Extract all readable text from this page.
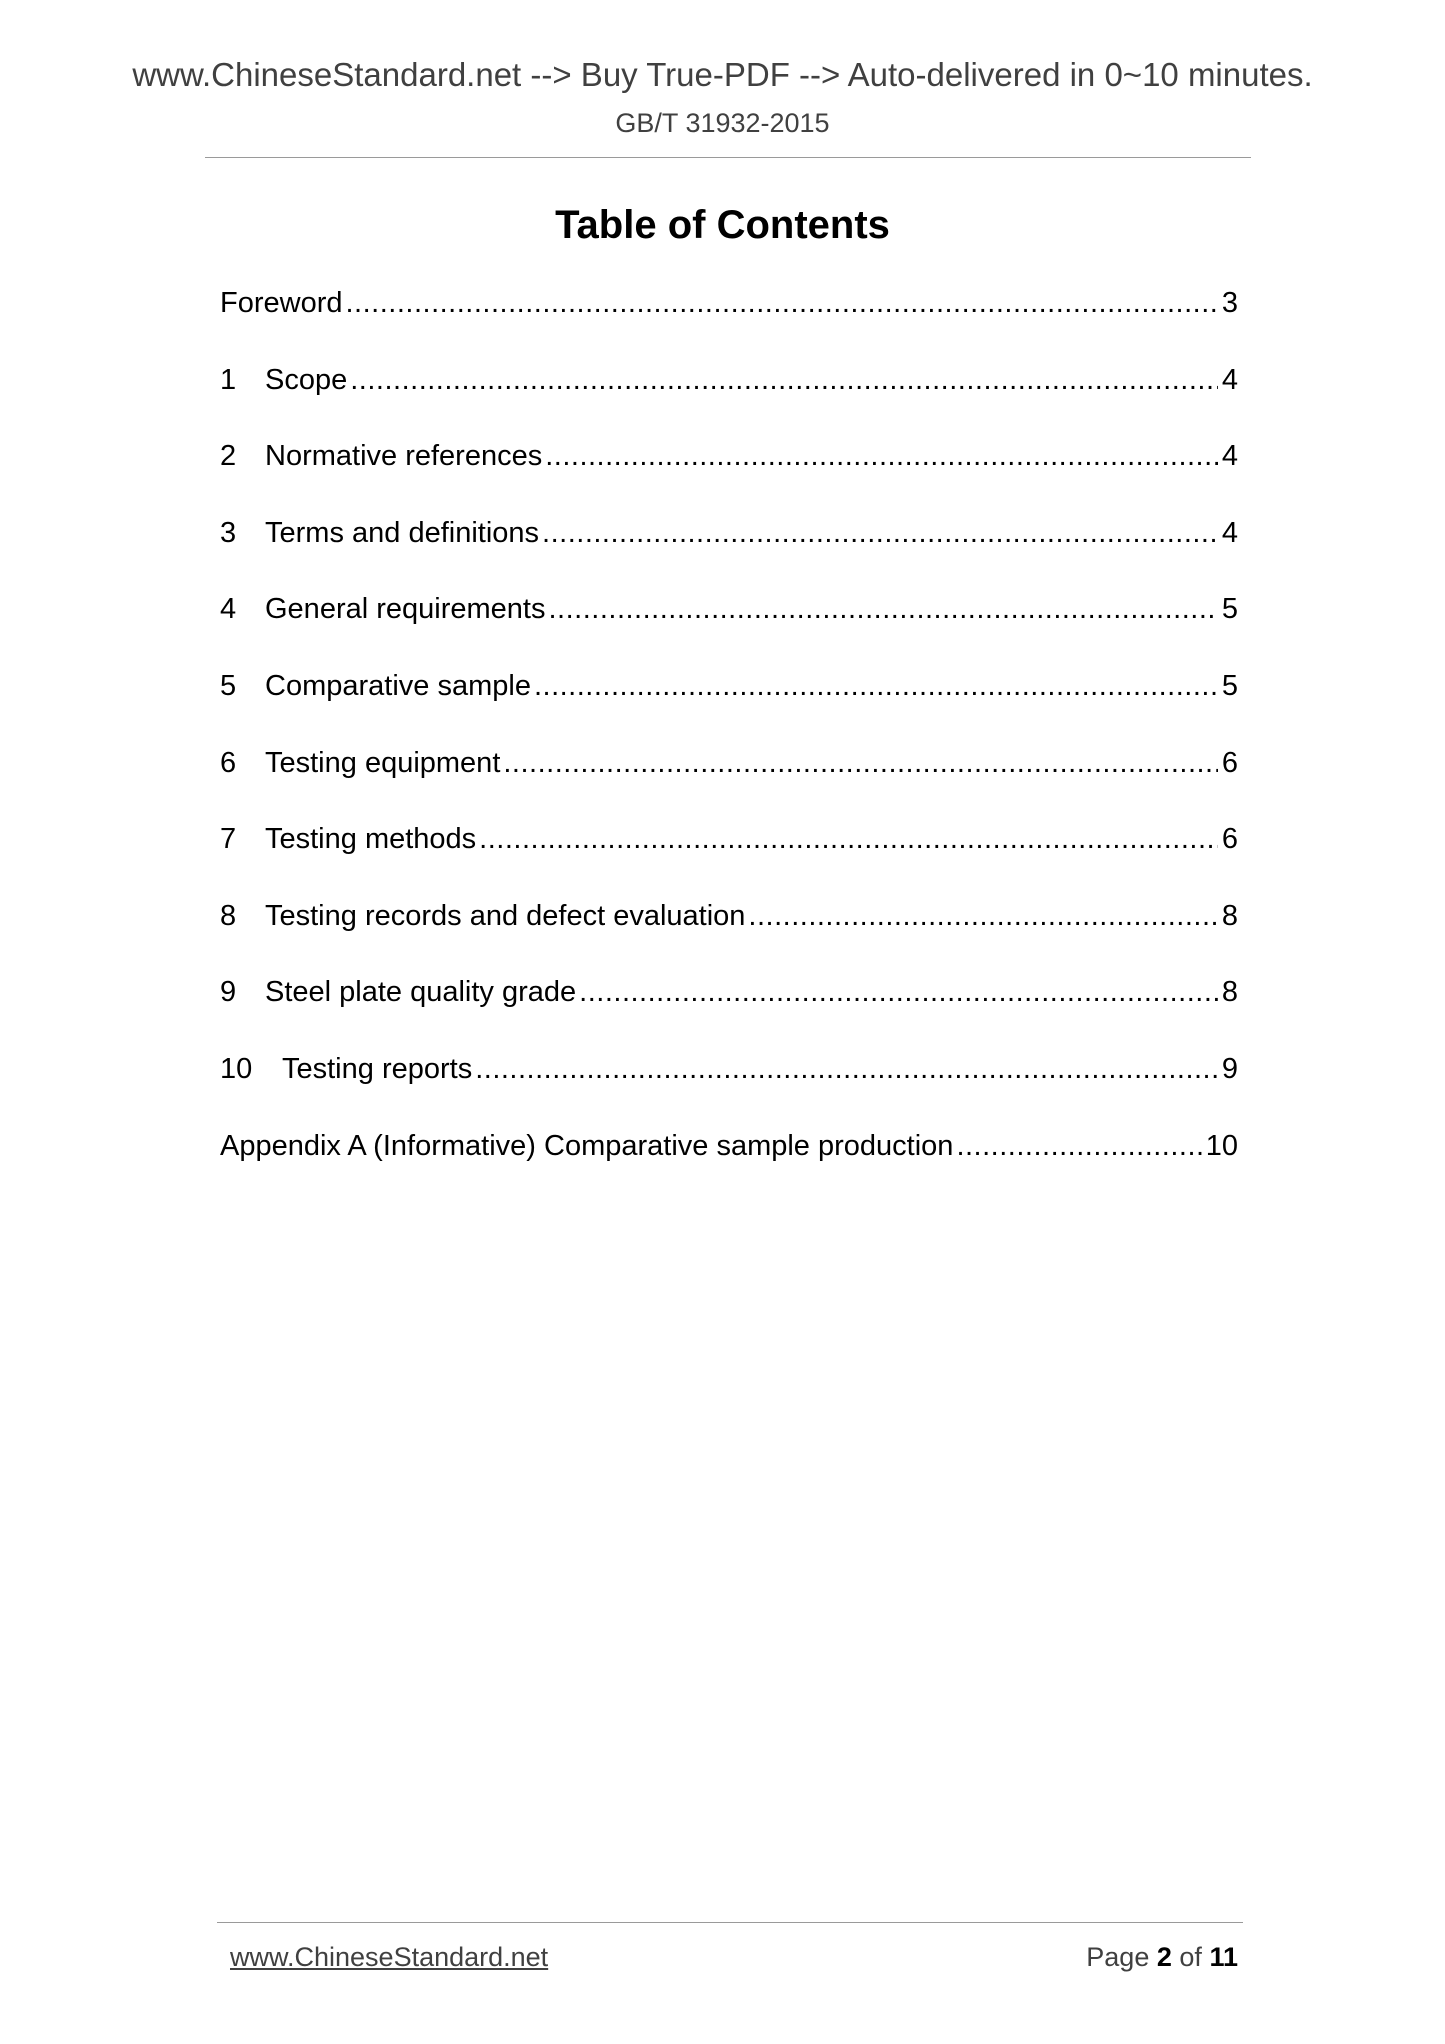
www.ChineseStandard.net --> Buy True-PDF --> Auto-delivered in 0~10 minutes.
GB/T 31932-2015
Table of Contents
Foreword .....	3
1 Scope .....	4
2 Normative references .....	4
3 Terms and definitions .....	4
4 General requirements .....	5
5 Comparative sample .....	5
6 Testing equipment .....	6
7 Testing methods .....	6
8 Testing records and defect evaluation .....	8
9 Steel plate quality grade .....	8
10	Testing reports .....	9
Appendix A (Informative) Comparative sample production .....	10
www.ChineseStandard.net	Page 2 of 11
